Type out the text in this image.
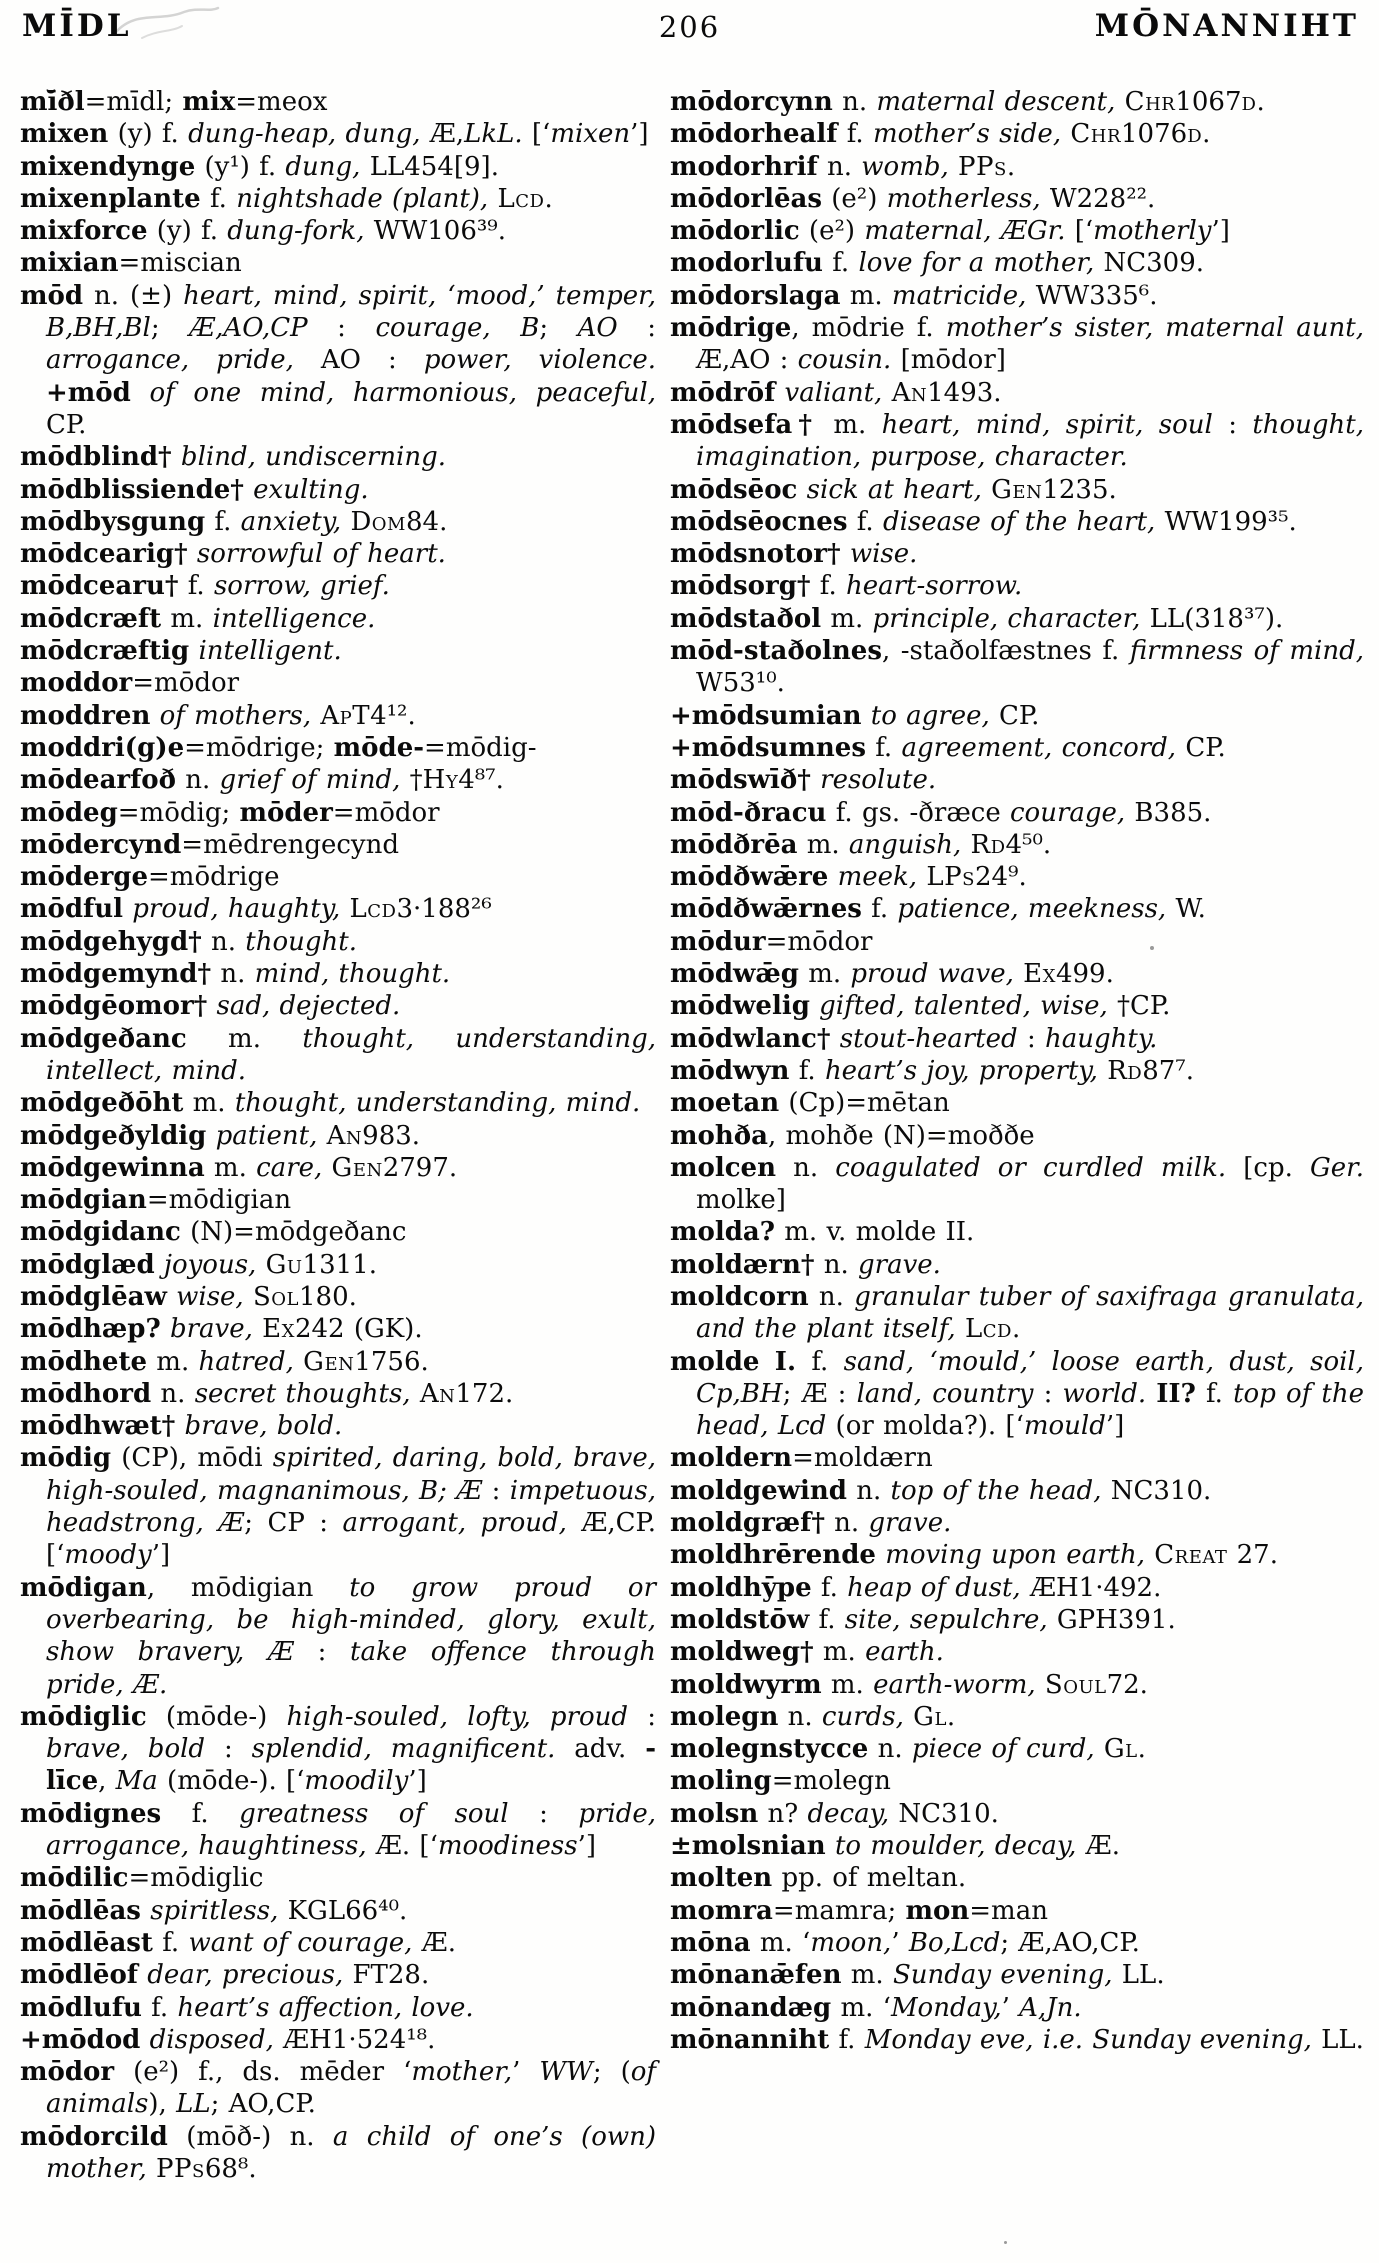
MĪDL	206	MŌNANNIHT

mī̆ðl=mīdl; mix=meox

mixen (y) f. dung-heap, dung, Æ,LkL. [‘mixen’]

mixendynge (y¹) f. dung, LL454[9].

mixenplante f. nightshade (plant), Lcd.

mixforce (y) f. dung-fork, WW106³⁹.

mixian=miscian

mōd n. (±) heart, mind, spirit, ‘mood,’ temper, B,BH,Bl; Æ,AO,CP : courage, B; AO : arrogance, pride, AO : power, violence. +mōd of one mind, harmonious, peaceful, CP.

mōdblind† blind, undiscerning.

mōdblissiende† exulting.

mōdbysgung f. anxiety, Dom84.

mōdcearig† sorrowful of heart.

mōdcearu† f. sorrow, grief.

mōdcræft m. intelligence.

mōdcræftig intelligent.

moddor=mōdor

moddren of mothers, ApT4¹².

moddri(g)e=mōdrige; mōde-=mōdig-

mōdearfoð n. grief of mind, †Hy4⁸⁷.

mōdeg=mōdig; mōder=mōdor

mōdercynd=mēdrengecynd

mōderge=mōdrige

mōdful proud, haughty, Lcd3·188²⁶

mōdgehygd† n. thought.

mōdgemynd† n. mind, thought.

mōdgēomor† sad, dejected.

mōdgeðanc m. thought, understanding, intellect, mind.

mōdgeðōht m. thought, understanding, mind.

mōdgeðyldig patient, An983.

mōdgewinna m. care, Gen2797.

mōdgian=mōdigian

mōdgidanc (N)=mōdgeðanc

mōdglæd joyous, Gu1311.

mōdglēaw wise, Sol180.

mōdhæp? brave, Ex242 (GK).

mōdhete m. hatred, Gen1756.

mōdhord n. secret thoughts, An172.

mōdhwæt† brave, bold.

mōdig (CP), mōdi spirited, daring, bold, brave, high-souled, magnanimous, B; Æ : impetuous, headstrong, Æ; CP : arrogant, proud, Æ,CP. [‘moody’]

mōdigan, mōdigian to grow proud or overbearing, be high-minded, glory, exult, show bravery, Æ : take offence through pride, Æ.

mōdiglic (mōde-) high-souled, lofty, proud : brave, bold : splendid, magnificent. adv. -līce, Ma (mōde-). [‘moodily’]

mōdignes f. greatness of soul : pride, arrogance, haughtiness, Æ. [‘moodiness’]

mōdilic=mōdiglic

mōdlēas spiritless, KGL66⁴⁰.

mōdlēast f. want of courage, Æ.

mōdlēof dear, precious, FT28.

mōdlufu f. heart’s affection, love.

+mōdod disposed, ÆH1·524¹⁸.

mōdor (e²) f., ds. mēder ‘mother,’ WW; (of animals), LL; AO,CP.

mōdorcild (mōð-) n. a child of one’s (own) mother, PPs68⁸.

mōdorcynn n. maternal descent, Chr1067d.

mōdorhealf f. mother’s side, Chr1076d.

modorhrif n. womb, PPs.

mōdorlēas (e²) motherless, W228²².

mōdorlic (e²) maternal, ÆGr. [‘motherly’]

modorlufu f. love for a mother, NC309.

mōdorslaga m. matricide, WW335⁶.

mōdrige, mōdrie f. mother’s sister, maternal aunt, Æ,AO : cousin. [mōdor]

mōdrōf valiant, An1493.

mōdsefa† m. heart, mind, spirit, soul : thought, imagination, purpose, character.

mōdsēoc sick at heart, Gen1235.

mōdsēocnes f. disease of the heart, WW199³⁵.

mōdsnotor† wise.

mōdsorg† f. heart-sorrow.

mōdstaðol m. principle, character, LL(318³⁷).

mōd-staðolnes, -staðolfæstnes f. firmness of mind, W53¹⁰.

+mōdsumian to agree, CP.

+mōdsumnes f. agreement, concord, CP.

mōdswīð† resolute.

mōd-ðracu f. gs. -ðræce courage, B385.

mōdðrēa m. anguish, Rd4⁵⁰.

mōdðwǣre meek, LPs24⁹.

mōdðwǣrnes f. patience, meekness, W.

mōdur=mōdor

mōdwǣg m. proud wave, Ex499.

mōdwelig gifted, talented, wise, †CP.

mōdwlanc† stout-hearted : haughty.

mōdwyn f. heart’s joy, property, Rd87⁷.

moetan (Cp)=mētan

mohða, mohðe (N)=moððe

molcen n. coagulated or curdled milk. [cp. Ger. molke]

molda? m. v. molde II.

moldærn† n. grave.

moldcorn n. granular tuber of saxifraga granulata, and the plant itself, Lcd.

molde I. f. sand, ‘mould,’ loose earth, dust, soil, Cp,BH; Æ : land, country : world. II? f. top of the head, Lcd (or molda?). [‘mould’]

moldern=moldærn

moldgewind n. top of the head, NC310.

moldgræf† n. grave.

moldhrērende moving upon earth, Creat 27.

moldhȳpe f. heap of dust, ÆH1·492.

moldstōw f. site, sepulchre, GPH391.

moldweg† m. earth.

moldwyrm m. earth-worm, Soul72.

molegn n. curds, Gl.

molegnstycce n. piece of curd, Gl.

moling=molegn

molsn n? decay, NC310.

±molsnian to moulder, decay, Æ.

molten pp. of meltan.

momra=mamra; mon=man

mōna m. ‘moon,’ Bo,Lcd; Æ,AO,CP.

mōnanǣfen m. Sunday evening, LL.

mōnandæg m. ‘Monday,’ A,Jn.

mōnanniht f. Monday eve, i.e. Sunday evening, LL.
